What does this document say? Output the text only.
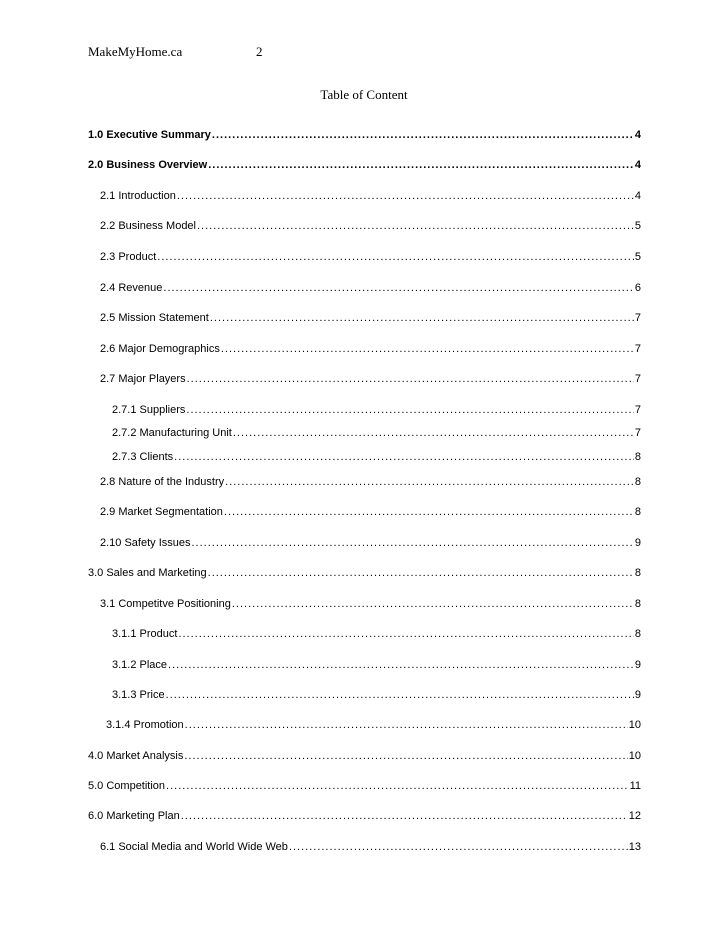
MakeMyHome.ca	2
Table of Content
1.0 Executive Summary .....	4
2.0 Business Overview .....	4
2.1 Introduction .....	4
2.2 Business Model .....	5
2.3 Product .....	5
2.4 Revenue .....	6
2.5 Mission Statement .....	7
2.6 Major Demographics .....	7
2.7 Major Players .....	7
2.7.1 Suppliers .....	7
2.7.2 Manufacturing Unit .....	7
2.7.3 Clients .....	8
2.8 Nature of the Industry .....	8
2.9 Market Segmentation .....	8
2.10 Safety Issues .....	9
3.0 Sales and Marketing .....	8
3.1 Competitve Positioning .....	8
3.1.1 Product .....	8
3.1.2 Place .....	9
3.1.3 Price .....	9
3.1.4 Promotion .....	10
4.0 Market Analysis .....	10
5.0 Competition .....	11
6.0 Marketing Plan .....	12
6.1 Social Media and World Wide Web .....	13
